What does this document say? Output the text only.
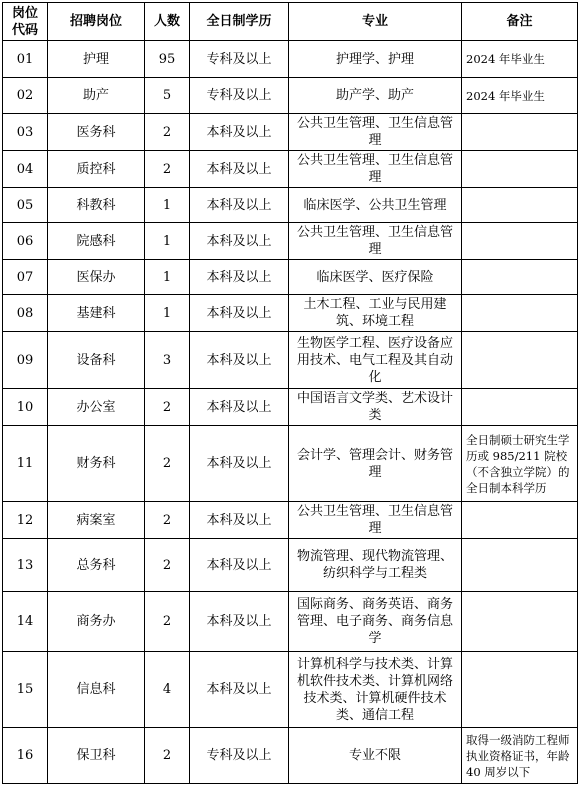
岗位代码	招聘岗位	人数	全日制学历	专业	备注
01	护理	95	专科及以上	护理学、护理	2024 年毕业生
02	助产	5	专科及以上	助产学、助产	2024 年毕业生
03	医务科	2	本科及以上	公共卫生管理、卫生信息管理	
04	质控科	2	本科及以上	公共卫生管理、卫生信息管理	
05	科教科	1	本科及以上	临床医学、公共卫生管理	
06	院感科	1	本科及以上	公共卫生管理、卫生信息管理	
07	医保办	1	本科及以上	临床医学、医疗保险	
08	基建科	1	本科及以上	土木工程、工业与民用建筑、环境工程	
09	设备科	3	本科及以上	生物医学工程、医疗设备应用技术、电气工程及其自动化	
10	办公室	2	本科及以上	中国语言文学类、艺术设计类	
11	财务科	2	本科及以上	会计学、管理会计、财务管理	全日制硕士研究生学历或 985/211 院校（不含独立学院）的全日制本科学历
12	病案室	2	本科及以上	公共卫生管理、卫生信息管理	
13	总务科	2	本科及以上	物流管理、现代物流管理、纺织科学与工程类	
14	商务办	2	本科及以上	国际商务、商务英语、商务管理、电子商务、商务信息学	
15	信息科	4	本科及以上	计算机科学与技术类、计算机软件技术类、计算机网络技术类、计算机硬件技术类、通信工程	
16	保卫科	2	专科及以上	专业不限	取得一级消防工程师执业资格证书，年龄 40 周岁以下
